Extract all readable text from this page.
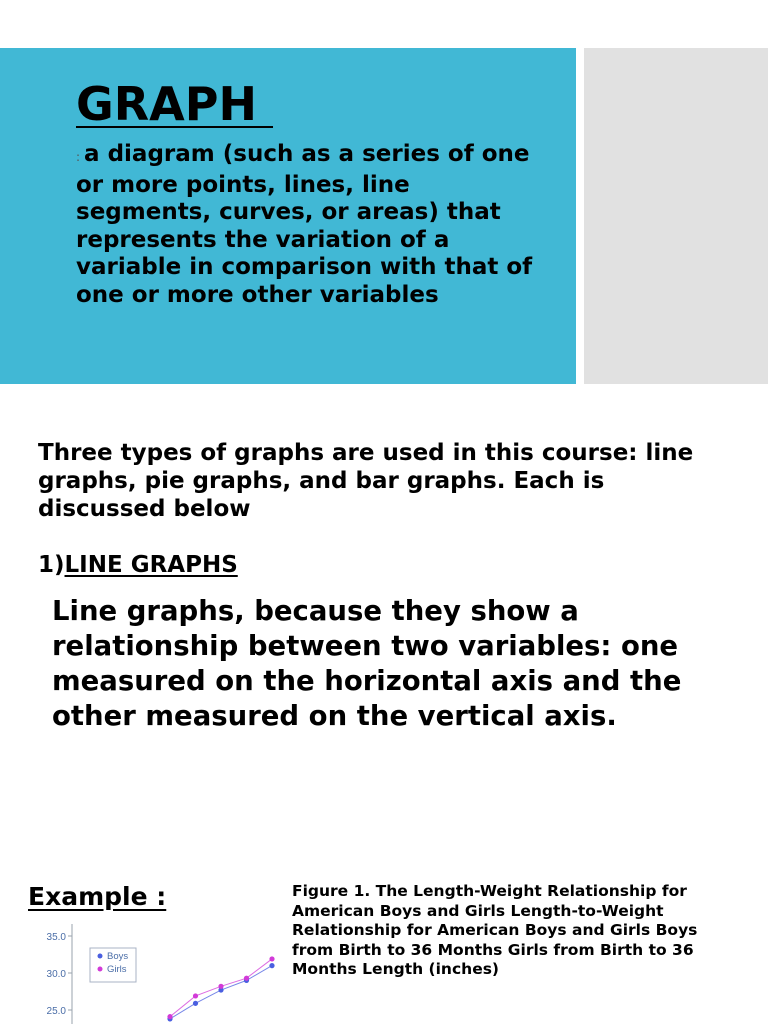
GRAPH
: a diagram (such as a series of one or more points, lines, line segments, curves, or areas) that represents the variation of a variable in comparison with that of one or more other variables
Three types of graphs are used in this course: line graphs, pie graphs, and bar graphs. Each is discussed below
1)LINE GRAPHS
Line graphs, because they show a relationship between two variables: one measured on the horizontal axis and the other measured on the vertical axis.
Example :	Figure 1. The Length-Weight Relationship for American Boys and Girls Length-to-Weight Relationship for American Boys and Girls Boys from Birth to 36 Months Girls from Birth to 36 Months Length (inches)
35.0
30.0
25.0
Boys
Girls
